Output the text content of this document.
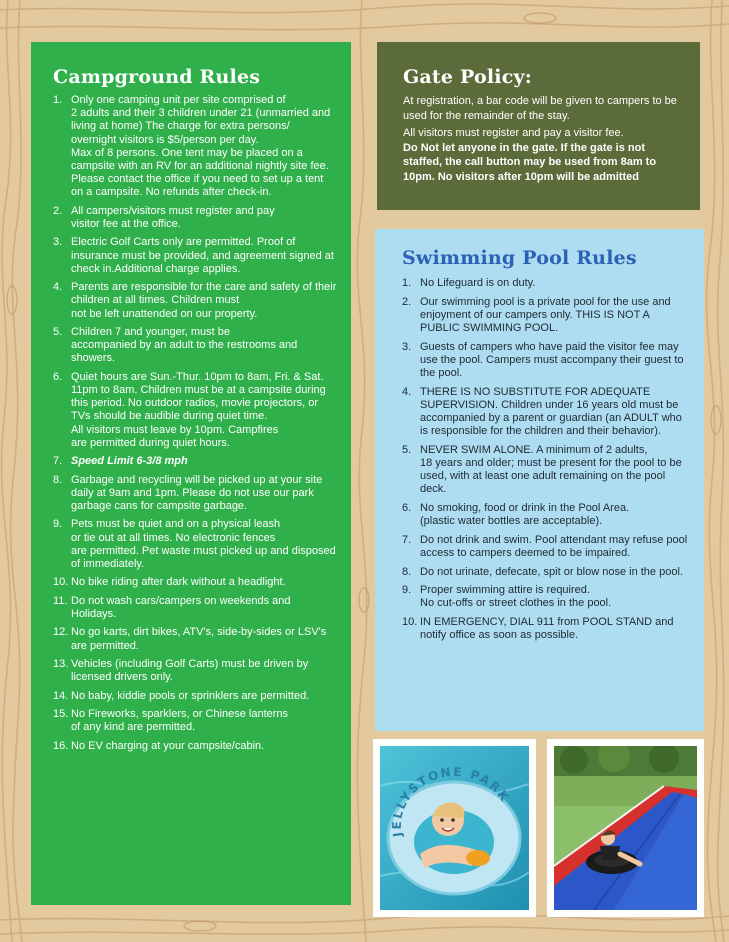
Campground Rules
1. Only one camping unit per site comprised of
2 adults and their 3 children under 21 (unmarried and living at home) The charge for extra persons/ overnight visitors is $5/person per day.
Max of 8 persons. One tent may be placed on a campsite with an RV for an additional nightly site fee. Please contact the office if you need to set up a tent on a campsite. No refunds after check-in.
2. All campers/visitors must register and pay
visitor fee at the office.
3. Electric Golf Carts only are permitted. Proof of insurance must be provided, and agreement signed at check in.Additional charge applies.
4. Parents are responsible for the care and safety of their children at all times. Children must
not be left unattended on our property.
5. Children 7 and younger, must be
accompanied by an adult to the restrooms and showers.
6. Quiet hours are Sun.-Thur. 10pm to 8am, Fri. & Sat. 11pm to 8am. Children must be at a campsite during this period. No outdoor radios, movie projectors, or TVs should be audible during quiet time.
All visitors must leave by 10pm. Campfires
are permitted during quiet hours.
7. Speed Limit 6-3/8 mph
8. Garbage and recycling will be picked up at your site daily at 9am and 1pm. Please do not use our park garbage cans for campsite garbage.
9. Pets must be quiet and on a physical leash
or tie out at all times. No electronic fences
are permitted. Pet waste must picked up and disposed of immediately.
10. No bike riding after dark without a headlight.
11. Do not wash cars/campers on weekends and Holidays.
12. No go karts, dirt bikes, ATV's, side-by-sides or LSV's are permitted.
13. Vehicles (including Golf Carts) must be driven by licensed drivers only.
14. No baby, kiddie pools or sprinklers are permitted.
15. No Fireworks, sparklers, or Chinese lanterns
of any kind are permitted.
16. No EV charging at your campsite/cabin.
Gate Policy:

At registration, a bar code will be given to campers to be used for the remainder of the stay.

All visitors must register and pay a visitor fee.

Do Not let anyone in the gate. If the gate is not staffed, the call button may be used from 8am to 10pm. No visitors after 10pm will be admitted

Swimming Pool Rules
1. No Lifeguard is on duty.
2. Our swimming pool is a private pool for the use and enjoyment of our campers only. THIS IS NOT A PUBLIC SWIMMING POOL.
3. Guests of campers who have paid the visitor fee may use the pool. Campers must accompany their guest to the pool.
4. THERE IS NO SUBSTITUTE FOR ADEQUATE SUPERVISION. Children under 16 years old must be accompanied by a parent or guardian (an ADULT who is responsible for the children and their behavior).
5. NEVER SWIM ALONE. A minimum of 2 adults,
18 years and older; must be present for the pool to be used, with at least one adult remaining on the pool deck.
6. No smoking, food or drink in the Pool Area.
(plastic water bottles are acceptable).
7. Do not drink and swim. Pool attendant may refuse pool access to campers deemed to be impaired.
8. Do not urinate, defecate, spit or blow nose in the pool.
9. Proper swimming attire is required.
No cut-offs or street clothes in the pool.
10. IN EMERGENCY, DIAL 911 from POOL STAND and notify office as soon as possible.
JELLYSTONE PARK
